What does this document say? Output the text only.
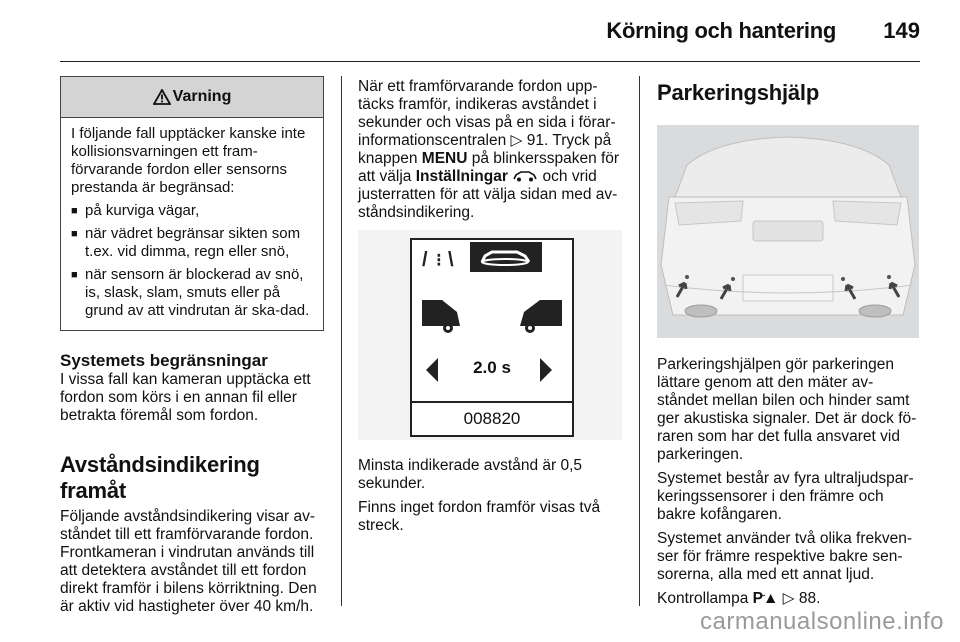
Körning och hantering 149
Varning
I följande fall upptäcker kanske inte kollisionsvarningen ett fram-förvarande fordon eller sensorns prestanda är begränsad:
■ på kurviga vägar,
■ när vädret begränsar sikten som t.ex. vid dimma, regn eller snö,
■ när sensorn är blockerad av snö, is, slask, slam, smuts eller på grund av att vindrutan är ska-dad.
Systemets begränsningar

I vissa fall kan kameran upptäcka ett fordon som körs i en annan fil eller betrakta föremål som fordon.

Avståndsindikering framåt

Följande avståndsindikering visar av-ståndet till ett framförvarande fordon. Frontkameran i vindrutan används till att detektera avståndet till ett fordon direkt framför i bilens körriktning. Den är aktiv vid hastigheter över 40 km/h.

När ett framförvarande fordon upp-täcks framför, indikeras avståndet i sekunder och visas på en sida i förar-informationscentralen ▷ 91. Tryck på knappen MENU på blinkersspaken för att välja Inställningar och vrid justerratten för att välja sidan med av-ståndsindikering.

/ ⁝ \
2.0 s
008820

Minsta indikerade avstånd är 0,5 sekunder.

Finns inget fordon framför visas två streck.

Parkeringshjälp

Parkeringshjälpen gör parkeringen lättare genom att den mäter av-ståndet mellan bilen och hinder samt ger akustiska signaler. Det är dock fö-raren som har det fulla ansvaret vid parkeringen.

Systemet består av fyra ultraljudspar-keringssensorer i den främre och bakre kofångaren.

Systemet använder två olika frekven-ser för främre respektive bakre sen-sorerna, alla med ett annat ljud.

Kontrollampa P▲ ▷ 88.

carmanualsonline.info
